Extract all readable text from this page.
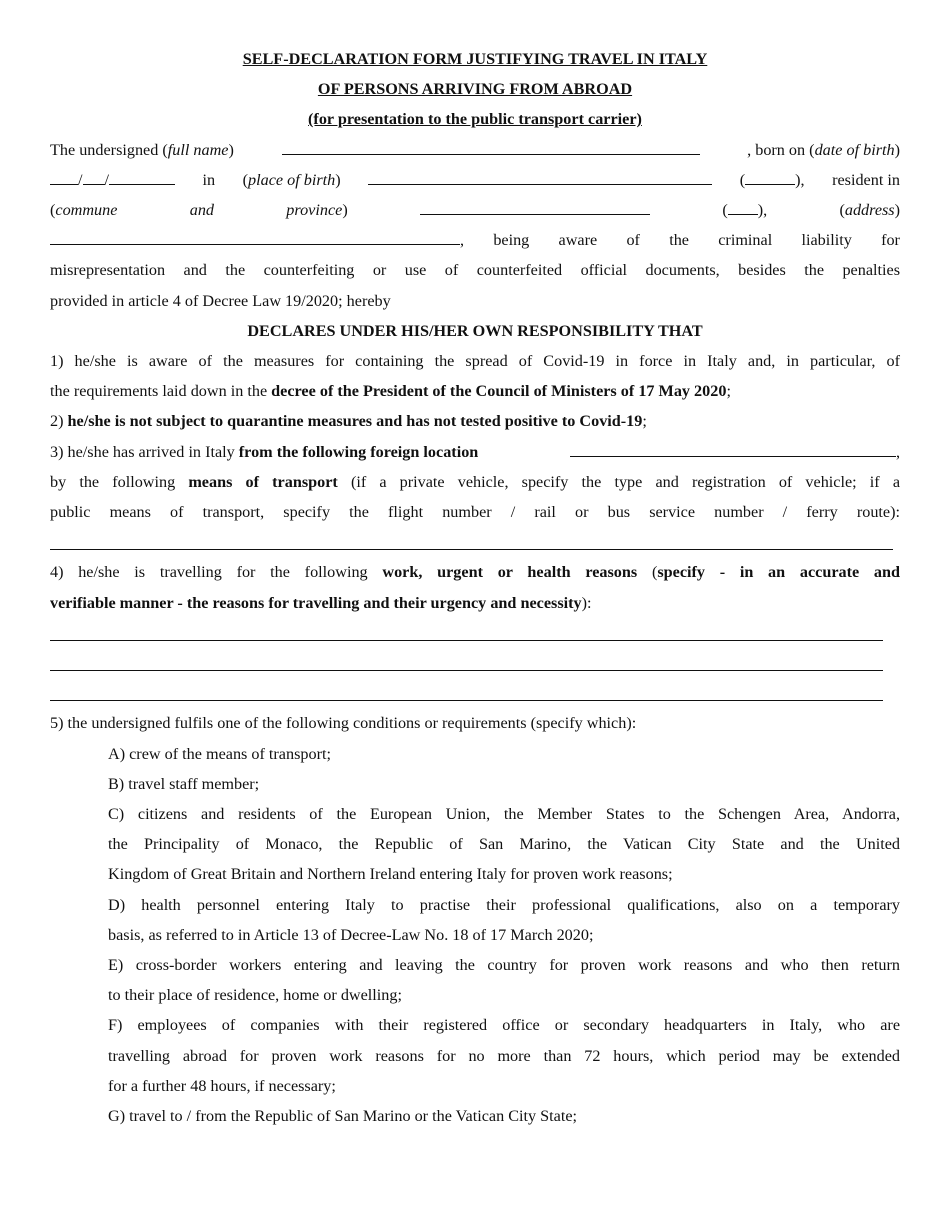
SELF-DECLARATION FORM JUSTIFYING TRAVEL IN ITALY
OF PERSONS ARRIVING FROM ABROAD
(for presentation to the public transport carrier)
The undersigned (full name)	, born on (date of birth)
/ /	in (place of birth)	(	), resident in
(commune	and	province)	( ),	(address)
, being aware of the criminal liability for
misrepresentation and the counterfeiting or use of counterfeited official documents, besides the penalties
provided in article 4 of Decree Law 19/2020; hereby
DECLARES UNDER HIS/HER OWN RESPONSIBILITY THAT
1) he/she is aware of the measures for containing the spread of Covid-19 in force in Italy and, in particular, of
the requirements laid down in the decree of the President of the Council of Ministers of 17 May 2020;
2) he/she is not subject to quarantine measures and has not tested positive to Covid-19;
3) he/she has arrived in Italy from the following foreign location	,
by the following means of transport (if a private vehicle, specify the type and registration of vehicle; if a
public means of transport, specify the flight number / rail or bus service number / ferry route):
4) he/she is travelling for the following work, urgent or health reasons (specify - in an accurate and
verifiable manner - the reasons for travelling and their urgency and necessity):
5) the undersigned fulfils one of the following conditions or requirements (specify which):
A) crew of the means of transport;
B) travel staff member;
C) citizens and residents of the European Union, the Member States to the Schengen Area, Andorra,
the Principality of Monaco, the Republic of San Marino, the Vatican City State and the United
Kingdom of Great Britain and Northern Ireland entering Italy for proven work reasons;
D) health personnel entering Italy to practise their professional qualifications, also on a temporary
basis, as referred to in Article 13 of Decree-Law No. 18 of 17 March 2020;
E) cross-border workers entering and leaving the country for proven work reasons and who then return
to their place of residence, home or dwelling;
F) employees of companies with their registered office or secondary headquarters in Italy, who are
travelling abroad for proven work reasons for no more than 72 hours, which period may be extended
for a further 48 hours, if necessary;
G) travel to / from the Republic of San Marino or the Vatican City State;
